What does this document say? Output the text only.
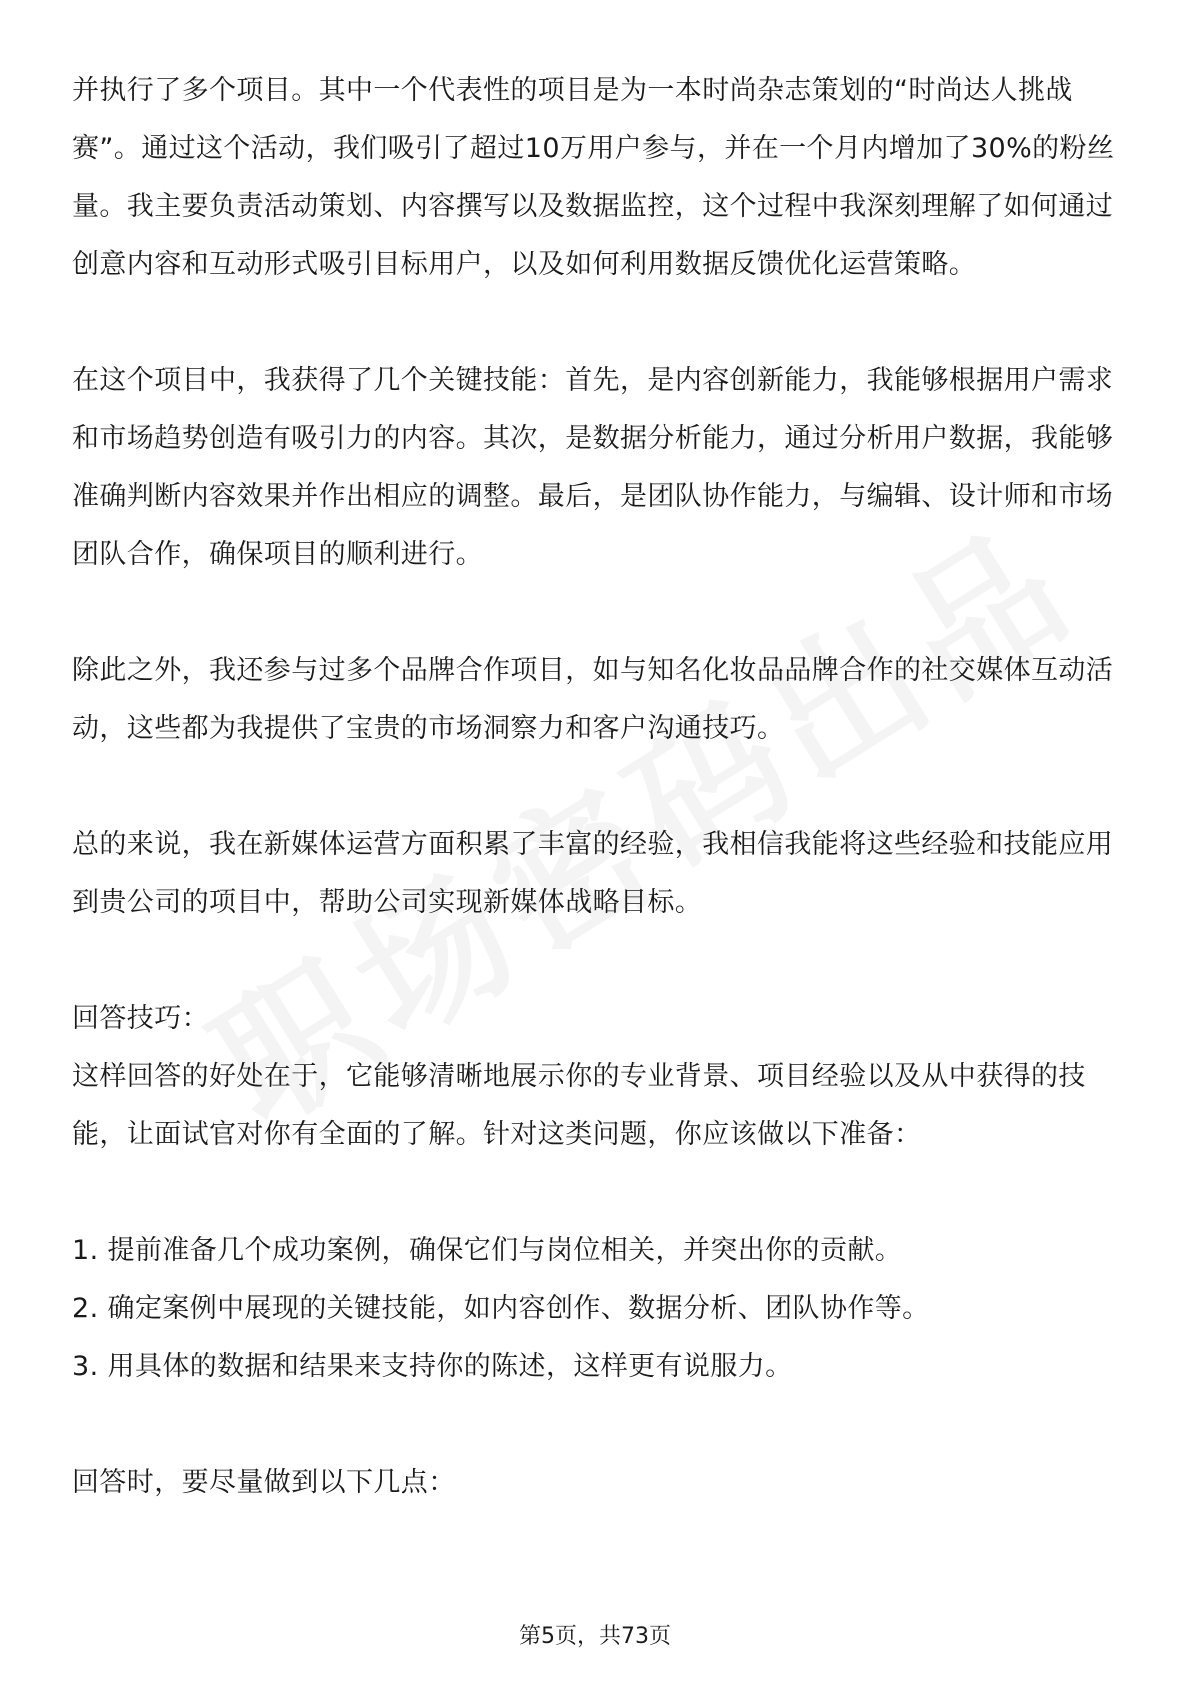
并执行了多个项目。其中一个代表性的项目是为一本时尚杂志策划的“时尚达人挑战赛”。通过这个活动，我们吸引了超过10万用户参与，并在一个月内增加了30%的粉丝量。我主要负责活动策划、内容撰写以及数据监控，这个过程中我深刻理解了如何通过创意内容和互动形式吸引目标用户，以及如何利用数据反馈优化运营策略。

在这个项目中，我获得了几个关键技能：首先，是内容创新能力，我能够根据用户需求和市场趋势创造有吸引力的内容。其次，是数据分析能力，通过分析用户数据，我能够准确判断内容效果并作出相应的调整。最后，是团队协作能力，与编辑、设计师和市场团队合作，确保项目的顺利进行。

除此之外，我还参与过多个品牌合作项目，如与知名化妆品品牌合作的社交媒体互动活动，这些都为我提供了宝贵的市场洞察力和客户沟通技巧。

总的来说，我在新媒体运营方面积累了丰富的经验，我相信我能将这些经验和技能应用到贵公司的项目中，帮助公司实现新媒体战略目标。

回答技巧：

这样回答的好处在于，它能够清晰地展示你的专业背景、项目经验以及从中获得的技能，让面试官对你有全面的了解。针对这类问题，你应该做以下准备：

1. 提前准备几个成功案例，确保它们与岗位相关，并突出你的贡献。

2. 确定案例中展现的关键技能，如内容创作、数据分析、团队协作等。

3. 用具体的数据和结果来支持你的陈述，这样更有说服力。

回答时，要尽量做到以下几点：

第5页，共73页
